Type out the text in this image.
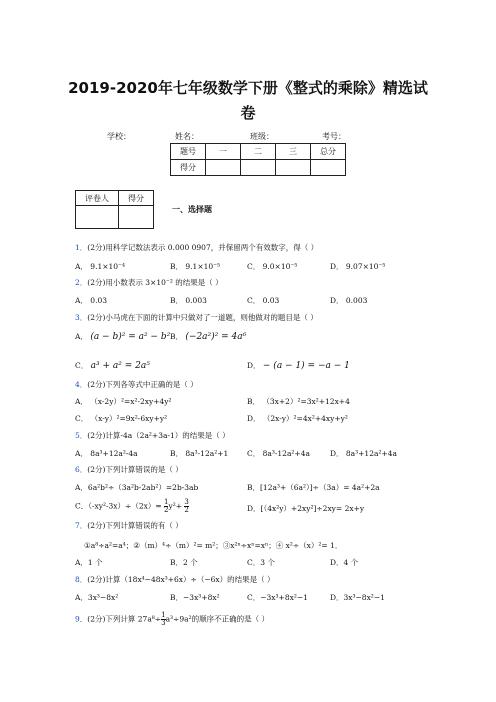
2019-2020年七年级数学下册《整式的乘除》精选试
卷
学校：	姓名：	班级：	考号：
题号	一	二	三	总分
得分				
评卷人	得分

一、选择题
1．(2分)用科学记数法表示 0.000 0907，并保留两个有效数字，得（ ）
A． 9.1×10⁻⁴	B． 9.1×10⁻⁵	C． 9.0×10⁻⁵	D． 9.07×10⁻⁵
2．(2分)用小数表示 3×10⁻² 的结果是（ ）
A． 0.03	B． 0.003	C． 0.03	D． 0.003
3．(2分)小马虎在下面的计算中只做对了一道题，则他做对的题目是（ ）
A． (a − b)² = a² − b² B． (−2a²)² = 4a⁶
C． a³ + a² = 2a⁵	D． − (a − 1) = −a − 1
4．(2分)下列各等式中正确的是（ ）
A． （x-2y）²=x²-2xy+4y²	B． （3x+2）²=3x²+12x+4
C． （x-y）²=9x²-6xy+y²	D． （2x-y）²=4x²+4xy+y²
5．(2分)计算-4a（2a²+3a-1）的结果是（ ）
A． 8a³+12a²-4a	B． 8a³-12a²+1 C． 8a³-12a²+4a	D． 8a³+12a²+4a
6．(2分)下列计算错误的是（ ）
A．6a²b²÷（3a²b-2ab²）=2b-3ab	B．[12a³+（6a²）]÷（3a）= 4a²+2a
C．$(-xy^2-3x)\div(2x)= \frac{1}{2} y^2+ \frac{3}{2}$	D．[（4x²y）+2xy²]÷2xy= 2x+y
7．(2分)下列计算错误的有（ ）
①a⁸÷a²=a⁴；②（m）⁴÷（m）²= m²；③x²ⁿ÷xⁿ=xⁿ；④ x²÷（x）²= 1．
A．1 个	B．2 个	C．3 个	D．4 个
8．(2分)计算（18x⁴−48x³+6x）÷（−6x）的结果是（ ）
A．3x³−8x²	B．−3x³+8x²	C．−3x³+8x²−1	D．3x³−8x²−1
9．(2分)下列计算 $27a^8\div \frac{1}{3} a^3\div 9a^2$的顺序不正确的是（ ）
